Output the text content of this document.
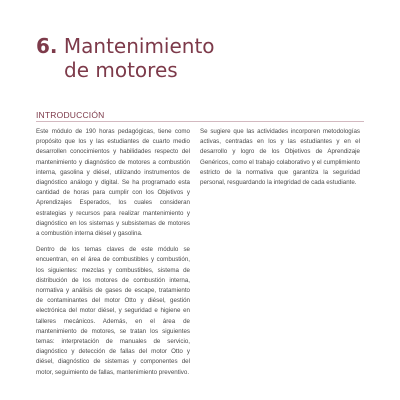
6. Mantenimiento
de motores
INTRODUCCIÓN

Este módulo de 190 horas pedagógicas, tiene como propósito que los y las estudiantes de cuarto medio desarrollen conocimientos y habilidades respecto del mantenimiento y diagnóstico de motores a combustión interna, gasolina y diésel, utilizando instrumentos de diagnóstico análogo y digital. Se ha programado esta cantidad de horas para cumplir con los Objetivos y Aprendizajes Esperados, los cuales consideran estrategias y recursos para realizar mantenimiento y diagnóstico en los sistemas y subsistemas de motores a combustión interna diésel y gasolina.

Dentro de los temas claves de este módulo se encuentran, en el área de combustibles y combustión, los siguientes: mezclas y combustibles, sistema de distribución de los motores de combustión interna, normativa y análisis de gases de escape, tratamiento de contaminantes del motor Otto y diésel, gestión electrónica del motor diésel, y seguridad e higiene en talleres mecánicos. Además, en el área de mantenimiento de motores, se tratan los siguientes temas: interpretación de manuales de servicio, diagnóstico y detección de fallas del motor Otto y diésel, diagnóstico de sistemas y componentes del motor, seguimiento de fallas, mantenimiento preventivo.

Se sugiere que las actividades incorporen metodologías activas, centradas en los y las estudiantes y en el desarrollo y logro de los Objetivos de Aprendizaje Genéricos, como el trabajo colaborativo y el cumplimiento estricto de la normativa que garantiza la seguridad personal, resguardando la integridad de cada estudiante.
